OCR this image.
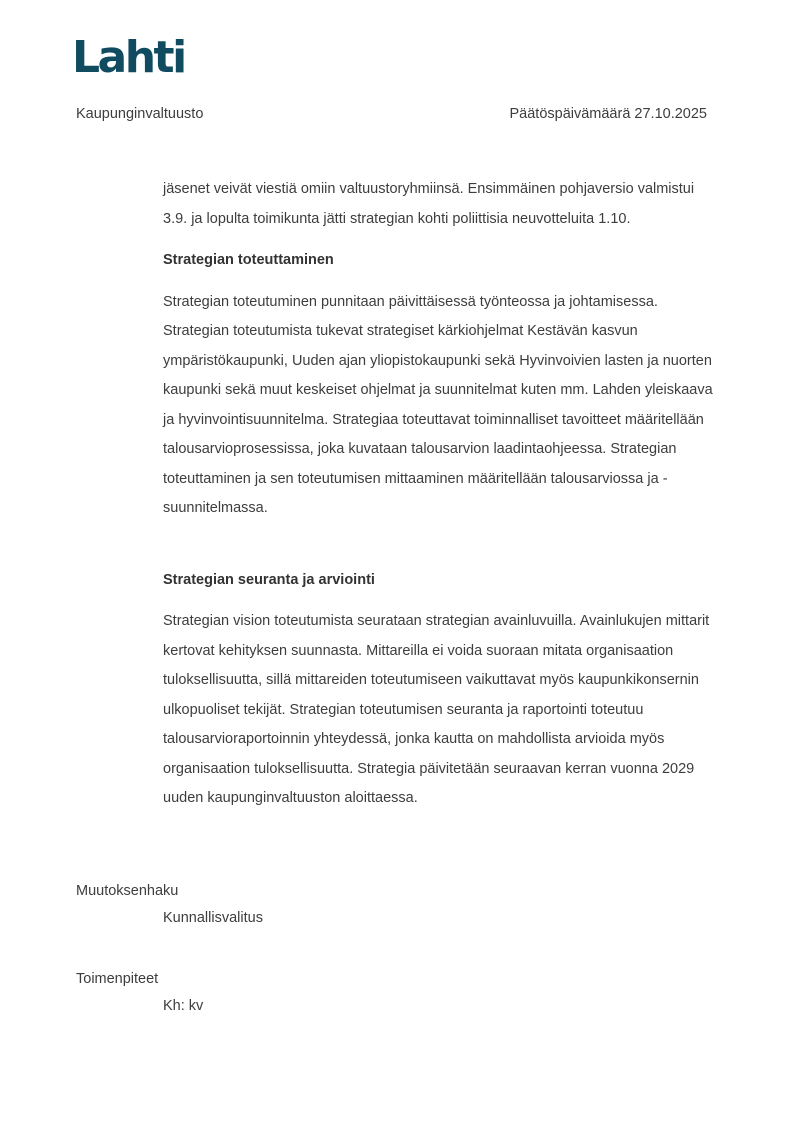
Lahti
Kaupunginvaltuusto	Päätöspäivämäärä 27.10.2025

jäsenet veivät viestiä omiin valtuustoryhmiinsä. Ensimmäinen pohjaversio valmistui 3.9. ja lopulta toimikunta jätti strategian kohti poliittisia neuvotteluita 1.10.

Strategian toteuttaminen

Strategian toteutuminen punnitaan päivittäisessä työnteossa ja johtamisessa. Strategian toteutumista tukevat strategiset kärkiohjelmat Kestävän kasvun ympäristökaupunki, Uuden ajan yliopistokaupunki sekä Hyvinvoivien lasten ja nuorten kaupunki sekä muut keskeiset ohjelmat ja suunnitelmat kuten mm. Lahden yleiskaava ja hyvinvointisuunnitelma. Strategiaa toteuttavat toiminnalliset tavoitteet määritellään talousarvioprosessissa, joka kuvataan talousarvion laadintaohjeessa. Strategian toteuttaminen ja sen toteutumisen mittaaminen määritellään talousarviossa ja -suunnitelmassa.

Strategian seuranta ja arviointi

Strategian vision toteutumista seurataan strategian avainluvuilla. Avainlukujen mittarit kertovat kehityksen suunnasta. Mittareilla ei voida suoraan mitata organisaation tuloksellisuutta, sillä mittareiden toteutumiseen vaikuttavat myös kaupunkikonsernin ulkopuoliset tekijät. Strategian toteutumisen seuranta ja raportointi toteutuu talousarvioraportoinnin yhteydessä, jonka kautta on mahdollista arvioida myös organisaation tuloksellisuutta. Strategia päivitetään seuraavan kerran vuonna 2029 uuden kaupunginvaltuuston aloittaessa.

Muutoksenhaku
Kunnallisvalitus
Toimenpiteet
Kh: kv
